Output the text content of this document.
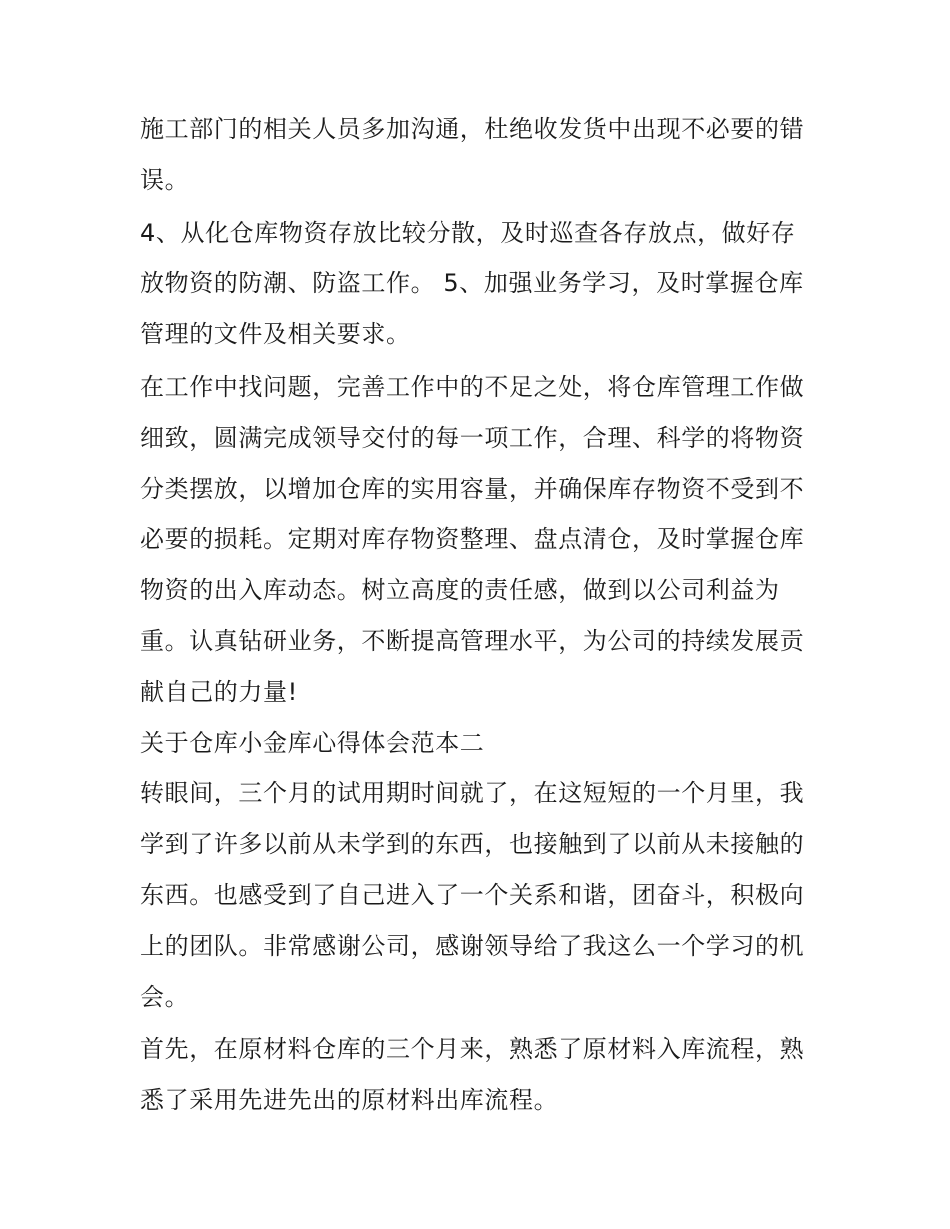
施工部门的相关人员多加沟通，杜绝收发货中出现不必要的错误。

4、从化仓库物资存放比较分散，及时巡查各存放点，做好存放物资的防潮、防盗工作。 5、加强业务学习，及时掌握仓库管理的文件及相关要求。

在工作中找问题，完善工作中的不足之处，将仓库管理工作做细致，圆满完成领导交付的每一项工作，合理、科学的将物资分类摆放，以增加仓库的实用容量，并确保库存物资不受到不必要的损耗。定期对库存物资整理、盘点清仓，及时掌握仓库物资的出入库动态。树立高度的责任感，做到以公司利益为重。认真钻研业务，不断提高管理水平，为公司的持续发展贡献自己的力量!

关于仓库小金库心得体会范本二

转眼间，三个月的试用期时间就了，在这短短的一个月里，我学到了许多以前从未学到的东西，也接触到了以前从未接触的东西。也感受到了自己进入了一个关系和谐，团奋斗，积极向上的团队。非常感谢公司，感谢领导给了我这么一个学习的机会。

首先，在原材料仓库的三个月来，熟悉了原材料入库流程，熟悉了采用先进先出的原材料出库流程。
